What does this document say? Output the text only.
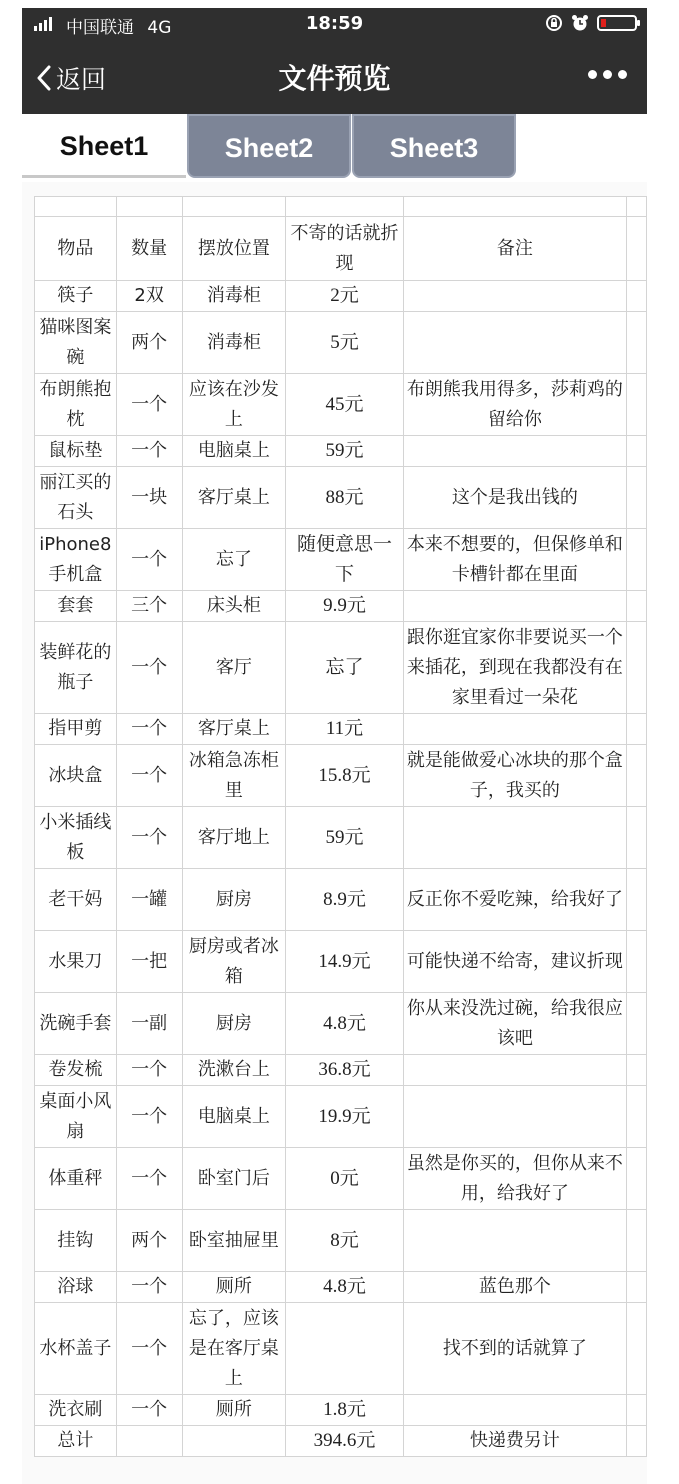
中国联通 4G	18:59
返回	文件预览
Sheet1	Sheet2	Sheet3

物品	数量	摆放位置	不寄的话就折现	备注	
筷子	2双	消毒柜	2元		
猫咪图案碗	两个	消毒柜	5元		
布朗熊抱枕	一个	应该在沙发上	45元	布朗熊我用得多，莎莉鸡的留给你	
鼠标垫	一个	电脑桌上	59元		
丽江买的石头	一块	客厅桌上	88元	这个是我出钱的	
iPhone8手机盒	一个	忘了	随便意思一下	本来不想要的，但保修单和卡槽针都在里面	
套套	三个	床头柜	9.9元		
装鲜花的瓶子	一个	客厅	忘了	跟你逛宜家你非要说买一个来插花，到现在我都没有在家里看过一朵花	
指甲剪	一个	客厅桌上	11元		
冰块盒	一个	冰箱急冻柜里	15.8元	就是能做爱心冰块的那个盒子，我买的	
小米插线板	一个	客厅地上	59元		
老干妈	一罐	厨房	8.9元	反正你不爱吃辣，给我好了	
水果刀	一把	厨房或者冰箱	14.9元	可能快递不给寄，建议折现	
洗碗手套	一副	厨房	4.8元	你从来没洗过碗，给我很应该吧	
卷发梳	一个	洗漱台上	36.8元		
桌面小风扇	一个	电脑桌上	19.9元		
体重秤	一个	卧室门后	0元	虽然是你买的，但你从来不用，给我好了	
挂钩	两个	卧室抽屉里	8元		
浴球	一个	厕所	4.8元	蓝色那个	
水杯盖子	一个	忘了，应该是在客厅桌上		找不到的话就算了	
洗衣刷	一个	厕所	1.8元		
总计			394.6元	快递费另计	
